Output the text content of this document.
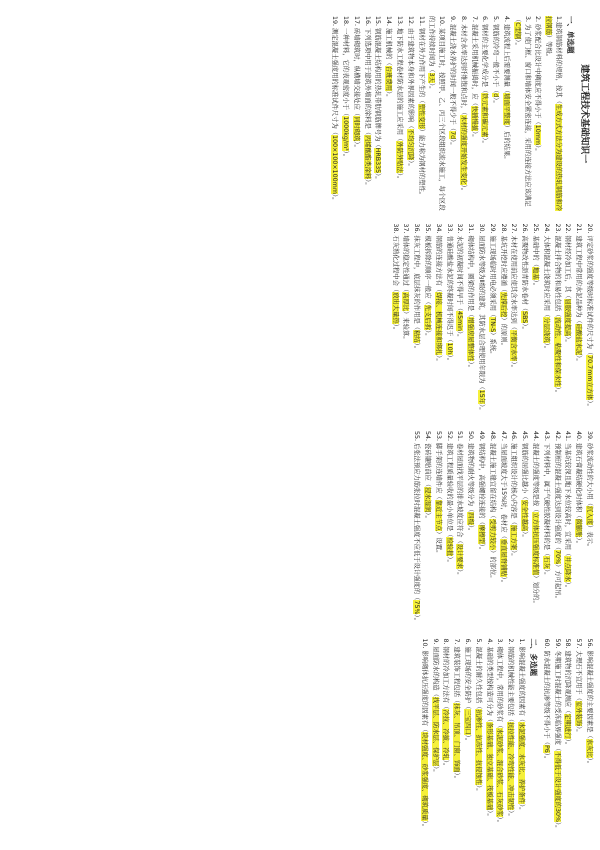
建筑工程技术基础知识一
一、单选题
1.建筑钢筋材料的规格，按其（生成方式方法分为建设的热轧钢筋和冷拉钢筋）等级。
2. 砂浆配合比设计中稠度应不得小于（10mm）。
3. 为了使门框、窗口和墙体安全紧密连接，采用的连接方法应该满足（C型钢）。
4. 建筑流程上后需要测量（墙面平整度）后的结果。
5. 钢筋的冷弯一般不小于（d）。
6. 钢材的主要化学成分是（铁元素和碳元素）。
7. 混凝土采用机械振捣时，应（快插慢拔）。
8. 木材含水率达到纤维饱和点时，（木材的强度开始发生变化）。
9. 混凝土浇水养护的时间一般不得少于（7d）。
10. 某项目施工时，按照甲、乙、丙三个区段组织流水施工，每个区段的工作持续时间为（3天）。
11. 钢材在外力作用下产生的（塑性变形）能力称为钢材的塑性。
12. 由于建筑物本身和外界因素的影响（不均匀沉降）。
13. 地下防水工程卷材防水层的施工应采用（外防外贴法）。
14. 施工机械的（台班费用）。
15. 钢筋混凝土结构用的热轧带肋钢筋牌号为（HRB335）。
16. 下列选项中用于建筑外墙面的涂料是（丙烯酸酯类涂料）。
17. 砖墙砌筑时，纵横墙交接处应（同时砌筑）。
18. 一种材料，它的表观密度小于（1000kg/m³）。
19. 测定混凝土强度用的标准试件尺寸为（100×100×100mm）。
20. 评定砂浆的强度等级时标准试件的尺寸为（70.7mm立方体）。
21. 建筑工程中常用的水泥品种为（硅酸盐水泥）。
22. 钢材经冷加工后，其（屈服强度提高）。
23. 混凝土拌合物的和易性包括（流动性、粘聚性和保水性）。
24. 大体积混凝土浇筑时应采用（分层浇筑）。
25. 基础中的（地基）。
26. 高聚物改性沥青防水卷材（SBS）。
27. 木材在使用前应使其含水率达到（平衡含水率）。
28. 基坑开挖时应遵循（先撑后挖）的原则。
29. 施工现场临时用电必须采用（TN-S）系统。
30. 屋面防水等级为Ⅱ级的建筑，其防水层合理使用年限为（15年）。
31. 砌体结构中，圈梁的作用是（增强房屋整体性）。
32. 水泥的初凝时间不得早于（45min）。
33. 普通硅酸盐水泥的终凝时间不得迟于（10h）。
34. 钢筋的连接方法有（焊接、机械连接和绑扎）。
35. 模板拆除的顺序一般应（先支后拆）。
36. 抹灰工程中，底层抹灰的作用是（粘结）。
37. 墙体的稳定性通过（高厚比）来验算。
38. 石灰熟化过程中会（放出大量热）。
39. 砂浆流动性的大小用（沉入度）表示。
40. 建筑石膏凝结硬化时体积（微膨胀）。
41. 当基坑较深且地下水位较高时，宜采用（井点降水）。
42. 预制桩的混凝土强度达到设计强度的（70%）方可起吊。
43. 下列材料中，属于气硬性胶凝材料的是（石灰）。
44. 混凝土的强度等级是按（立方体抗压强度标准值）划分的。
45. 钢筋的屈强比越小（安全性越高）。
46. 施工组织设计的核心内容是（施工方案）。
47. 当屋面坡度大于15%时，卷材应（垂直屋脊铺贴）。
48. 混凝土施工缝宜留在结构（受剪力较小）的部位。
49. 钢结构中，高强螺栓连接的（摩擦型）。
50. 建筑物的耐火等级分为（四级）。
51. 卷材屋面找平层的排水坡度应符合（设计要求）。
52. 建筑工程质量验收的最小单位是（检验批）。
53. 脚手架的连墙件应（靠近主节点）设置。
54. 瓷砖镶贴前应（浸水湿润）。
55. 后张法预应力筋张拉时混凝土强度不应低于设计强度的（75%）。
56. 影响混凝土强度的主要因素是（水灰比）。
57. 大理石不宜用于（室外装饰）。
58. 建筑物的沉降观测应（定期进行）。
59. 冬期施工时混凝土的受冻临界强度（不得低于设计强度的30%）。
60. 防水混凝土的抗渗等级不得小于（P6）。
二、多选题
1. 影响混凝土强度的因素有（水泥强度、水灰比、养护条件）。
2. 钢筋的机械性能主要包括（抗拉性能、冷弯性能、冲击韧性）。
3. 砌体工程中，常用的砂浆有（水泥砂浆、混合砂浆、石灰砂浆）。
4. 基础的类型按构造可分为（条形基础、独立基础、筏板基础）。
5. 混凝土的耐久性包括（抗渗性、抗冻性、抗侵蚀性）。
6. 施工现场的安全防护（三宝四口）。
7. 建筑装饰工程包括（抹灰、吊顶、门窗、饰面）。
8. 钢材的冷加工方法有（冷拉、冷拔、冷轧）。
9. 屋面防水的构造（找平层、防水层、保护层）。
10. 影响砌体抗压强度的因素有（块材强度、砂浆强度、砌筑质量）。
